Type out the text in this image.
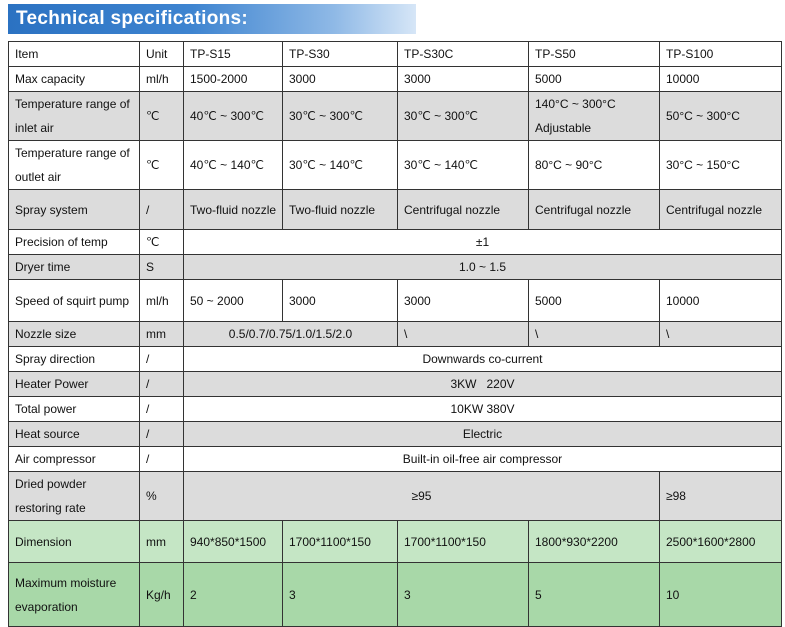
Technical specifications:
Item	Unit	TP-S15	TP-S30	TP-S30C	TP-S50	TP-S100
Max capacity	ml/h	1500-2000	3000	3000	5000	10000
Temperature range of inlet air	℃	40℃ ~ 300℃	30℃ ~ 300℃	30℃ ~ 300℃	140°C ~ 300°C Adjustable	50°C ~ 300°C
Temperature range of outlet air	℃	40℃ ~ 140℃	30℃ ~ 140℃	30℃ ~ 140℃	80°C ~ 90°C	30°C ~ 150°C
Spray system	/	Two-fluid nozzle	Two-fluid nozzle	Centrifugal nozzle	Centrifugal nozzle	Centrifugal nozzle
Precision of temp	℃	±1				
Dryer time	S	1.0 ~ 1.5				
Speed of squirt pump	ml/h	50 ~ 2000	3000	3000	5000	10000
Nozzle size	mm	0.5/0.7/0.75/1.0/1.5/2.0		\	\	\
Spray direction	/	Downwards co-current				
Heater Power	/	3KW   220V				
Total power	/	10KW 380V				
Heat source	/	Electric				
Air compressor	/	Built-in oil-free air compressor				
Dried powder restoring rate	%	≥95				≥98
Dimension	mm	940*850*1500	1700*1100*150	1700*1100*150	1800*930*2200	2500*1600*2800
Maximum moisture evaporation	Kg/h	2	3	3	5	10
